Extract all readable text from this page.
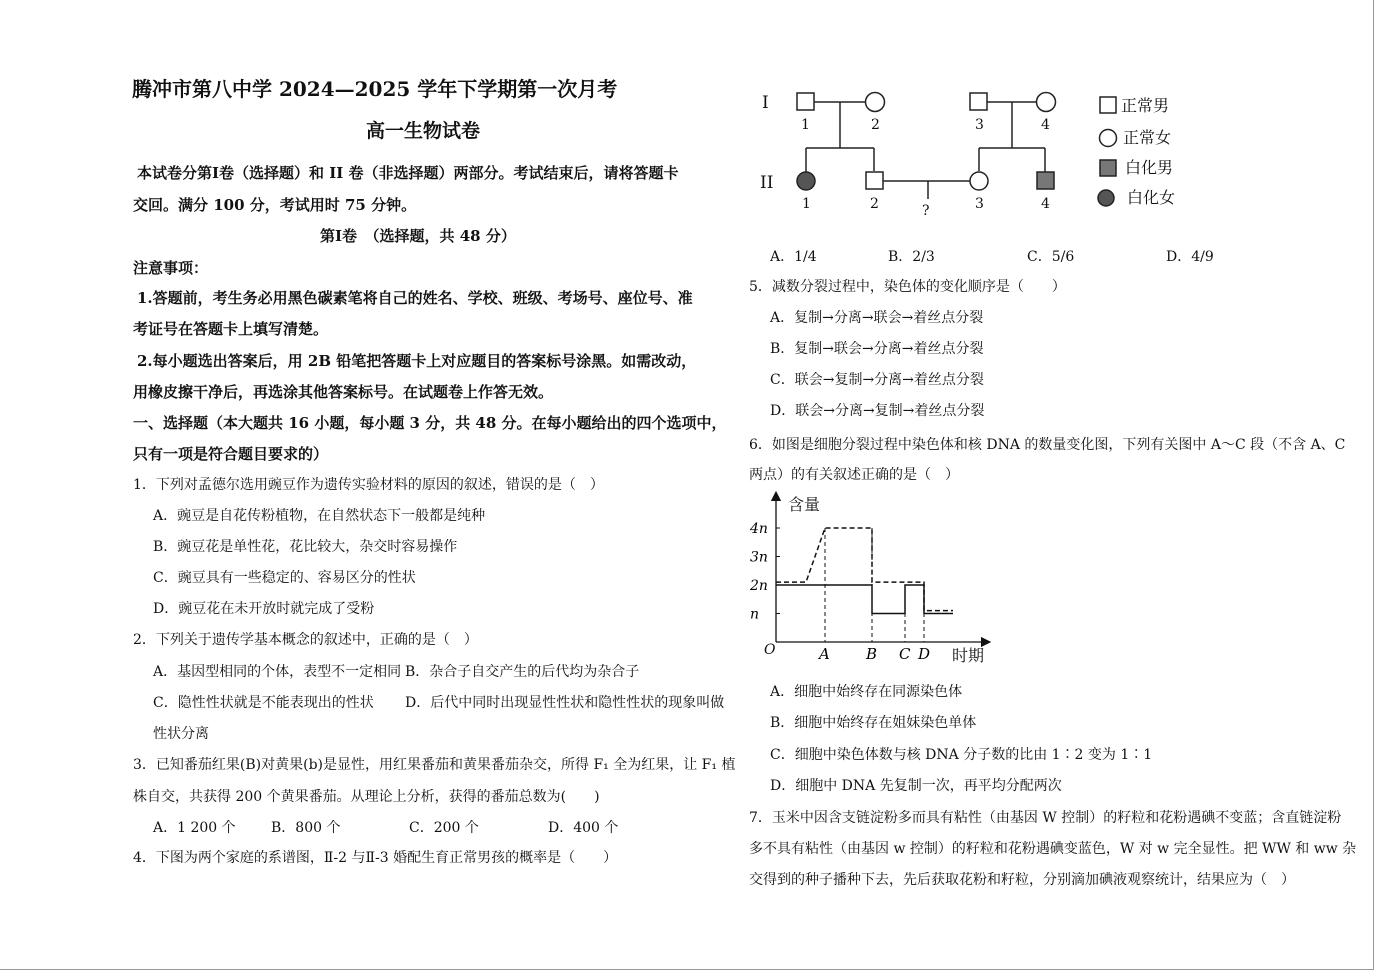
腾冲市第八中学 2024—2025 学年下学期第一次月考
高一生物试卷
本试卷分第Ⅰ卷（选择题）和 II 卷（非选择题）两部分。考试结束后，请将答题卡
交回。满分 100 分，考试用时 75 分钟。
第Ⅰ卷　（选择题，共 48 分）
注意事项：
1.答题前，考生务必用黑色碳素笔将自己的姓名、学校、班级、考场号、座位号、准
考证号在答题卡上填写清楚。
2.每小题选出答案后，用 2B 铅笔把答题卡上对应题目的答案标号涂黑。如需改动，
用橡皮擦干净后，再选涂其他答案标号。在试题卷上作答无效。
一、选择题（本大题共 16 小题，每小题 3 分，共 48 分。在每小题给出的四个选项中，
只有一项是符合题目要求的）
1．下列对孟德尔选用豌豆作为遗传实验材料的原因的叙述，错误的是（　）
A．豌豆是自花传粉植物，在自然状态下一般都是纯种
B．豌豆花是单性花，花比较大，杂交时容易操作
C．豌豆具有一些稳定的、容易区分的性状
D．豌豆花在未开放时就完成了受粉
2．下列关于遗传学基本概念的叙述中，正确的是（　）
A．基因型相同的个体，表型不一定相同 B．杂合子自交产生的后代均为杂合子
C．隐性性状就是不能表现出的性状 D．后代中同时出现显性性状和隐性性状的现象叫做
性状分离
3．已知番茄红果(B)对黄果(b)是显性，用红果番茄和黄果番茄杂交，所得 F₁ 全为红果，让 F₁ 植
株自交，共获得 200 个黄果番茄。从理论上分析，获得的番茄总数为(　　)
A．1 200 个	B．800 个	C．200 个	D．400 个
4．下图为两个家庭的系谱图，Ⅱ-2 与Ⅱ-3 婚配生育正常男孩的概率是（　　）
I
II
1	2	3	4
1	2	3	4
?
正常男
正常女
白化男
白化女
A．1/4	B．2/3	C．5/6	D．4/9
5．减数分裂过程中，染色体的变化顺序是（　　）
A．复制→分离→联会→着丝点分裂
B．复制→联会→分离→着丝点分裂
C．联会→复制→分离→着丝点分裂
D．联会→分离→复制→着丝点分裂
6．如图是细胞分裂过程中染色体和核 DNA 的数量变化图，下列有关图中 A～C 段（不含 A、C
两点）的有关叙述正确的是（　）
A．细胞中始终存在同源染色体
B．细胞中始终存在姐妹染色单体
C．细胞中染色体数与核 DNA 分子数的比由 1∶2 变为 1∶1
D．细胞中 DNA 先复制一次，再平均分配两次
7．玉米中因含支链淀粉多而具有粘性（由基因 W 控制）的籽粒和花粉遇碘不变蓝；含直链淀粉
多不具有粘性（由基因 w 控制）的籽粒和花粉遇碘变蓝色，W 对 w 完全显性。把 WW 和 ww 杂
交得到的种子播种下去，先后获取花粉和籽粒，分别滴加碘液观察统计，结果应为（　）
含量
时期
O
n
2n
3n
4n
A B C D
